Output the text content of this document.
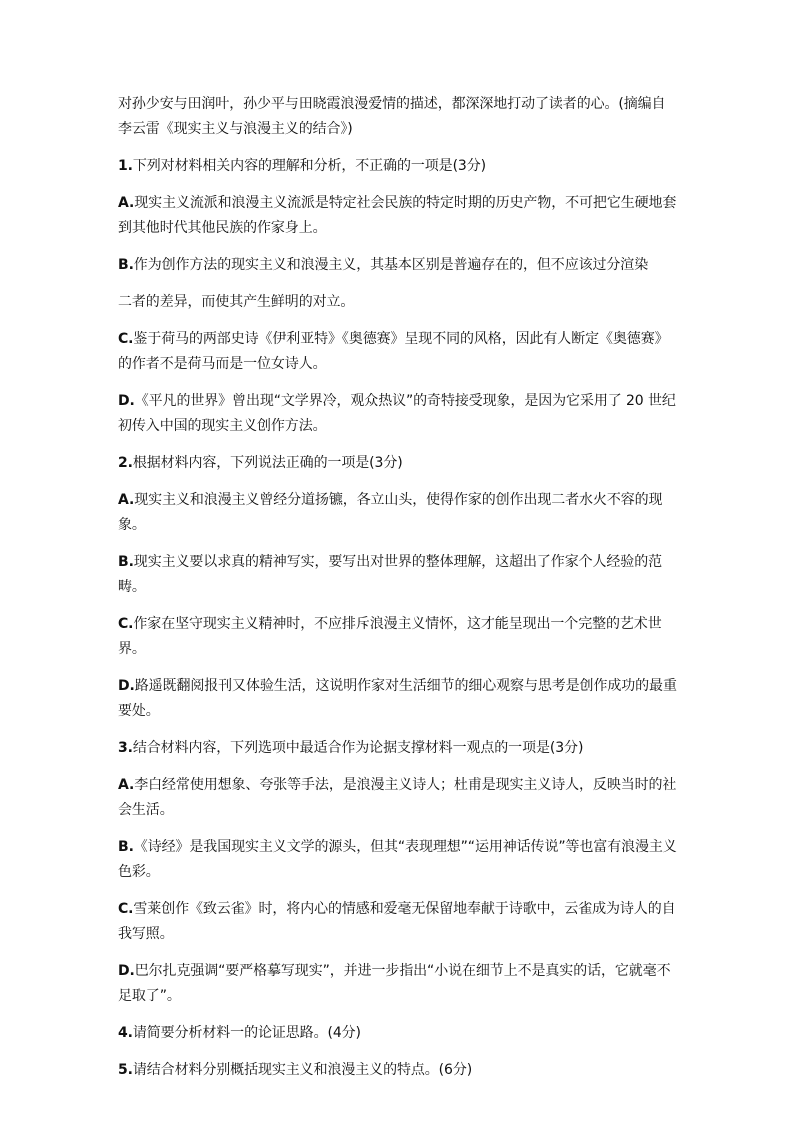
对孙少安与田润叶，孙少平与田晓霞浪漫爱情的描述，都深深地打动了读者的心。(摘编自李云雷《现实主义与浪漫主义的结合》)

1.下列对材料相关内容的理解和分析，不正确的一项是(3分)

A.现实主义流派和浪漫主义流派是特定社会民族的特定时期的历史产物，不可把它生硬地套到其他时代其他民族的作家身上。

B.作为创作方法的现实主义和浪漫主义，其基本区别是普遍存在的，但不应该过分渲染

二者的差异，而使其产生鲜明的对立。

C.鉴于荷马的两部史诗《伊利亚特》《奥德赛》呈现不同的风格，因此有人断定《奥德赛》的作者不是荷马而是一位女诗人。

D.《平凡的世界》曾出现“文学界冷，观众热议”的奇特接受现象，是因为它采用了 20 世纪初传入中国的现实主义创作方法。

2.根据材料内容，下列说法正确的一项是(3分)

A.现实主义和浪漫主义曾经分道扬镳，各立山头，使得作家的创作出现二者水火不容的现象。

B.现实主义要以求真的精神写实，要写出对世界的整体理解，这超出了作家个人经验的范畴。

C.作家在坚守现实主义精神时，不应排斥浪漫主义情怀，这才能呈现出一个完整的艺术世界。

D.路遥既翻阅报刊又体验生活，这说明作家对生活细节的细心观察与思考是创作成功的最重要处。

3.结合材料内容，下列选项中最适合作为论据支撑材料一观点的一项是(3分)

A.李白经常使用想象、夸张等手法，是浪漫主义诗人；杜甫是现实主义诗人，反映当时的社会生活。

B.《诗经》是我国现实主义文学的源头，但其“表现理想”“运用神话传说”等也富有浪漫主义色彩。

C.雪莱创作《致云雀》时，将内心的情感和爱毫无保留地奉献于诗歌中，云雀成为诗人的自我写照。

D.巴尔扎克强调“要严格摹写现实”，并进一步指出“小说在细节上不是真实的话，它就毫不足取了”。

4.请简要分析材料一的论证思路。(4分)

5.请结合材料分别概括现实主义和浪漫主义的特点。(6分)
